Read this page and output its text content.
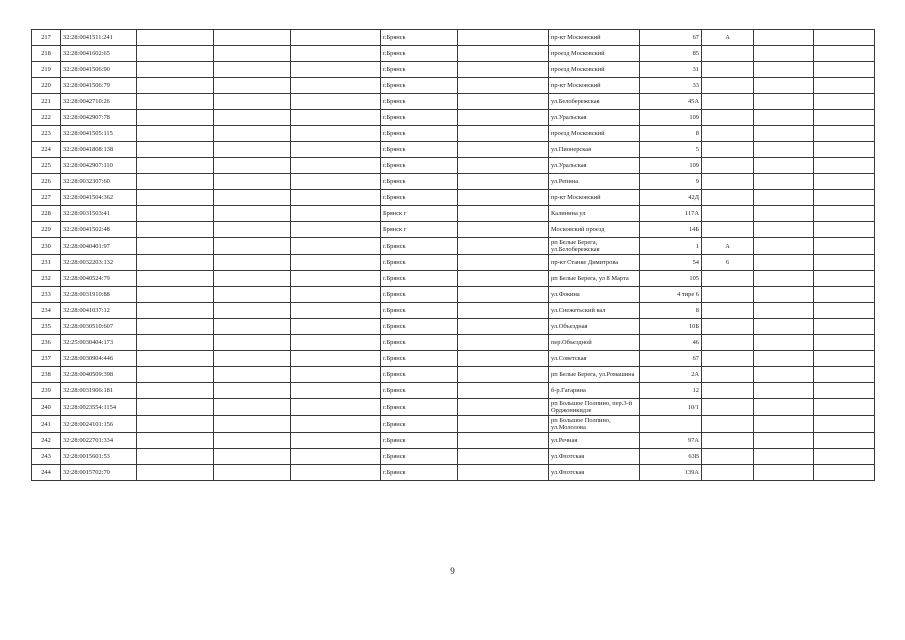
217	32:28:0041511:241				г.Брянск		пр-кт Московский	67	А		
218	32:28:0041602:65				г.Брянск		проезд Московский	85			
219	32:28:0041506:90				г.Брянск		проезд Московский	31			
220	32:28:0041506:79				г.Брянск		пр-кт Московский	33			
221	32:28:0042710:26				г.Брянск		ул.Белобережская	45А			
222	32:28:0042907:78				г.Брянск		ул.Уральская	109			
223	32:28:0041505:115				г.Брянск		проезд Московский	8			
224	32:28:0041808:138				г.Брянск		ул.Пионерская	5			
225	32:28:0042907:110				г.Брянск		ул.Уральская	109			
226	32:28:0032307:60				г.Брянск		ул.Репина	9			
227	32:28:0041504:362				г.Брянск		пр-кт Московский	42Д			
228	32:28:0031503:41				Брянск г		Калинина ул	117А			
229	32:28:0041502:48				Брянск г		Московский проезд	14Б			
230	32:28:0040401:97				г.Брянск		рп Белые Берега, ул.Белобережская	1	А		
231	32:28:0032203:132				г.Брянск		пр-кт Станке Димитрова	54	6		
232	32:28:0040524:79				г.Брянск		рп Белые Берега, ул 8 Марта	105			
233	32:28:0031910:88				г.Брянск		ул.Фокина	4 тире 6			
234	32:28:0041037:12				г.Брянск		ул.Снежетьский вал	8			
235	32:28:0030510:607				г.Брянск		ул.Объездная	10Б			
236	32:25:0030404:173				г.Брянск		пер.Объездной	46			
237	32:28:0030904:446				г.Брянск		ул.Советская	67			
238	32:28:0040509:398				г.Брянск		рп Белые Берега, ул.Ромашина	2А			
239	32:28:0031906:181				г.Брянск		б-р.Гагарина	12			
240	32:28:0023554:1154				г.Брянск		рп Большое Полпино, пер.3-й Орджоникидзе	10/1			
241	32:28:0024101:156				г.Брянск		рп Большое Полпино, ул.Мололова				
242	32:28:0022701:334				г.Брянск		ул.Речная	97А			
243	32:28:0015601:53				г.Брянск		ул.Флотская	63В			
244	32:28:0015702:70				г.Брянск		ул.Флотская	139А			
9
